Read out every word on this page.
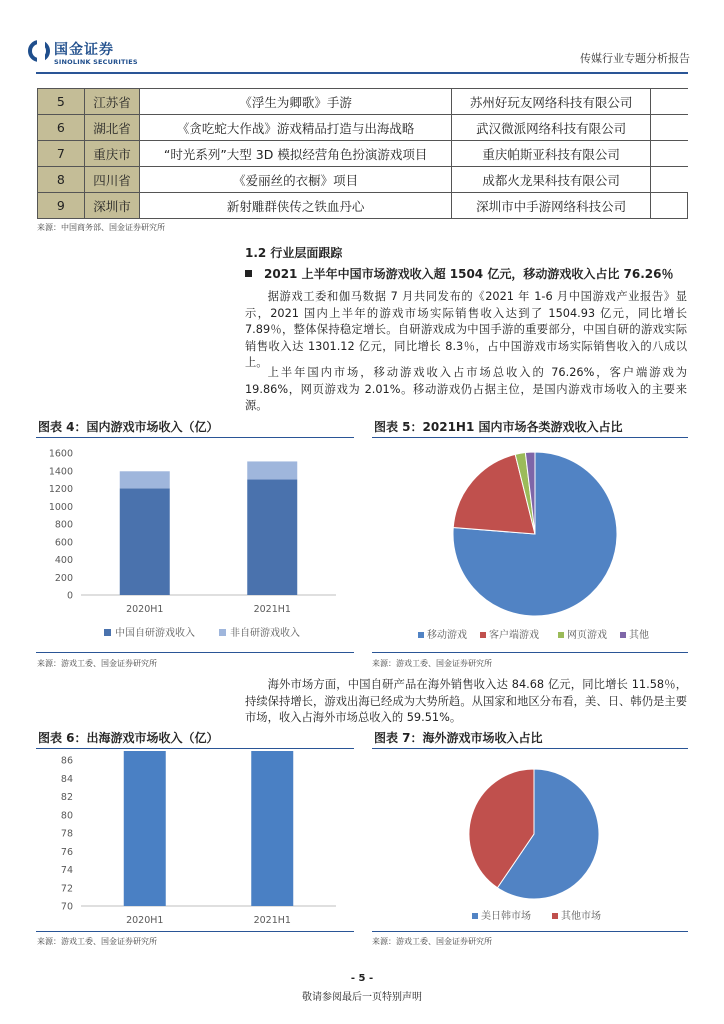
国金证券
SINOLINK SECURITIES	传媒行业专题分析报告
5	江苏省	《浮生为卿歌》手游	苏州好玩友网络科技有限公司	
6	湖北省	《贪吃蛇大作战》游戏精品打造与出海战略	武汉微派网络科技有限公司	
7	重庆市	“时光系列”大型 3D 模拟经营角色扮演游戏项目	重庆帕斯亚科技有限公司	
8	四川省	《爱丽丝的衣橱》项目	成都火龙果科技有限公司	
9	深圳市	新射雕群侠传之铁血丹心	深圳市中手游网络科技公司	
来源：中国商务部、国金证券研究所
1.2 行业层面跟踪
2021 上半年中国市场游戏收入超 1504 亿元，移动游戏收入占比 76.26％
据游戏工委和伽马数据 7 月共同发布的《2021 年 1-6 月中国游戏产业报告》显示，2021 国内上半年的游戏市场实际销售收入达到了 1504.93 亿元，同比增长 7.89％，整体保持稳定增长。自研游戏成为中国手游的重要部分，中国自研的游戏实际销售收入达 1301.12 亿元，同比增长 8.3％，占中国游戏市场实际销售收入的八成以上。
上半年国内市场，移动游戏收入占市场总收入的 76.26%，客户端游戏为 19.86%，网页游戏为 2.01%。移动游戏仍占据主位，是国内游戏市场收入的主要来源。
图表 4：国内游戏市场收入（亿）
0
200
400
600
800
1000
1200
1400
1600
2020H1	2021H1
中国自研游戏收入	非自研游戏收入
来源：游戏工委、国金证券研究所
图表 5：2021H1 国内市场各类游戏收入占比
移动游戏 客户端游戏	网页游戏 其他
来源：游戏工委、国金证券研究所
海外市场方面，中国自研产品在海外销售收入达 84.68 亿元，同比增长 11.58％，持续保持增长，游戏出海已经成为大势所趋。从国家和地区分布看，美、日、韩仍是主要市场，收入占海外市场总收入的 59.51%。
图表 6：出海游戏市场收入（亿）
70
72
74
76
78
80
82
84
86
2020H1	2021H1
来源：游戏工委、国金证券研究所
图表 7：海外游戏市场收入占比
美日韩市场	其他市场
来源：游戏工委、国金证券研究所
- 5 -
敬请参阅最后一页特别声明
